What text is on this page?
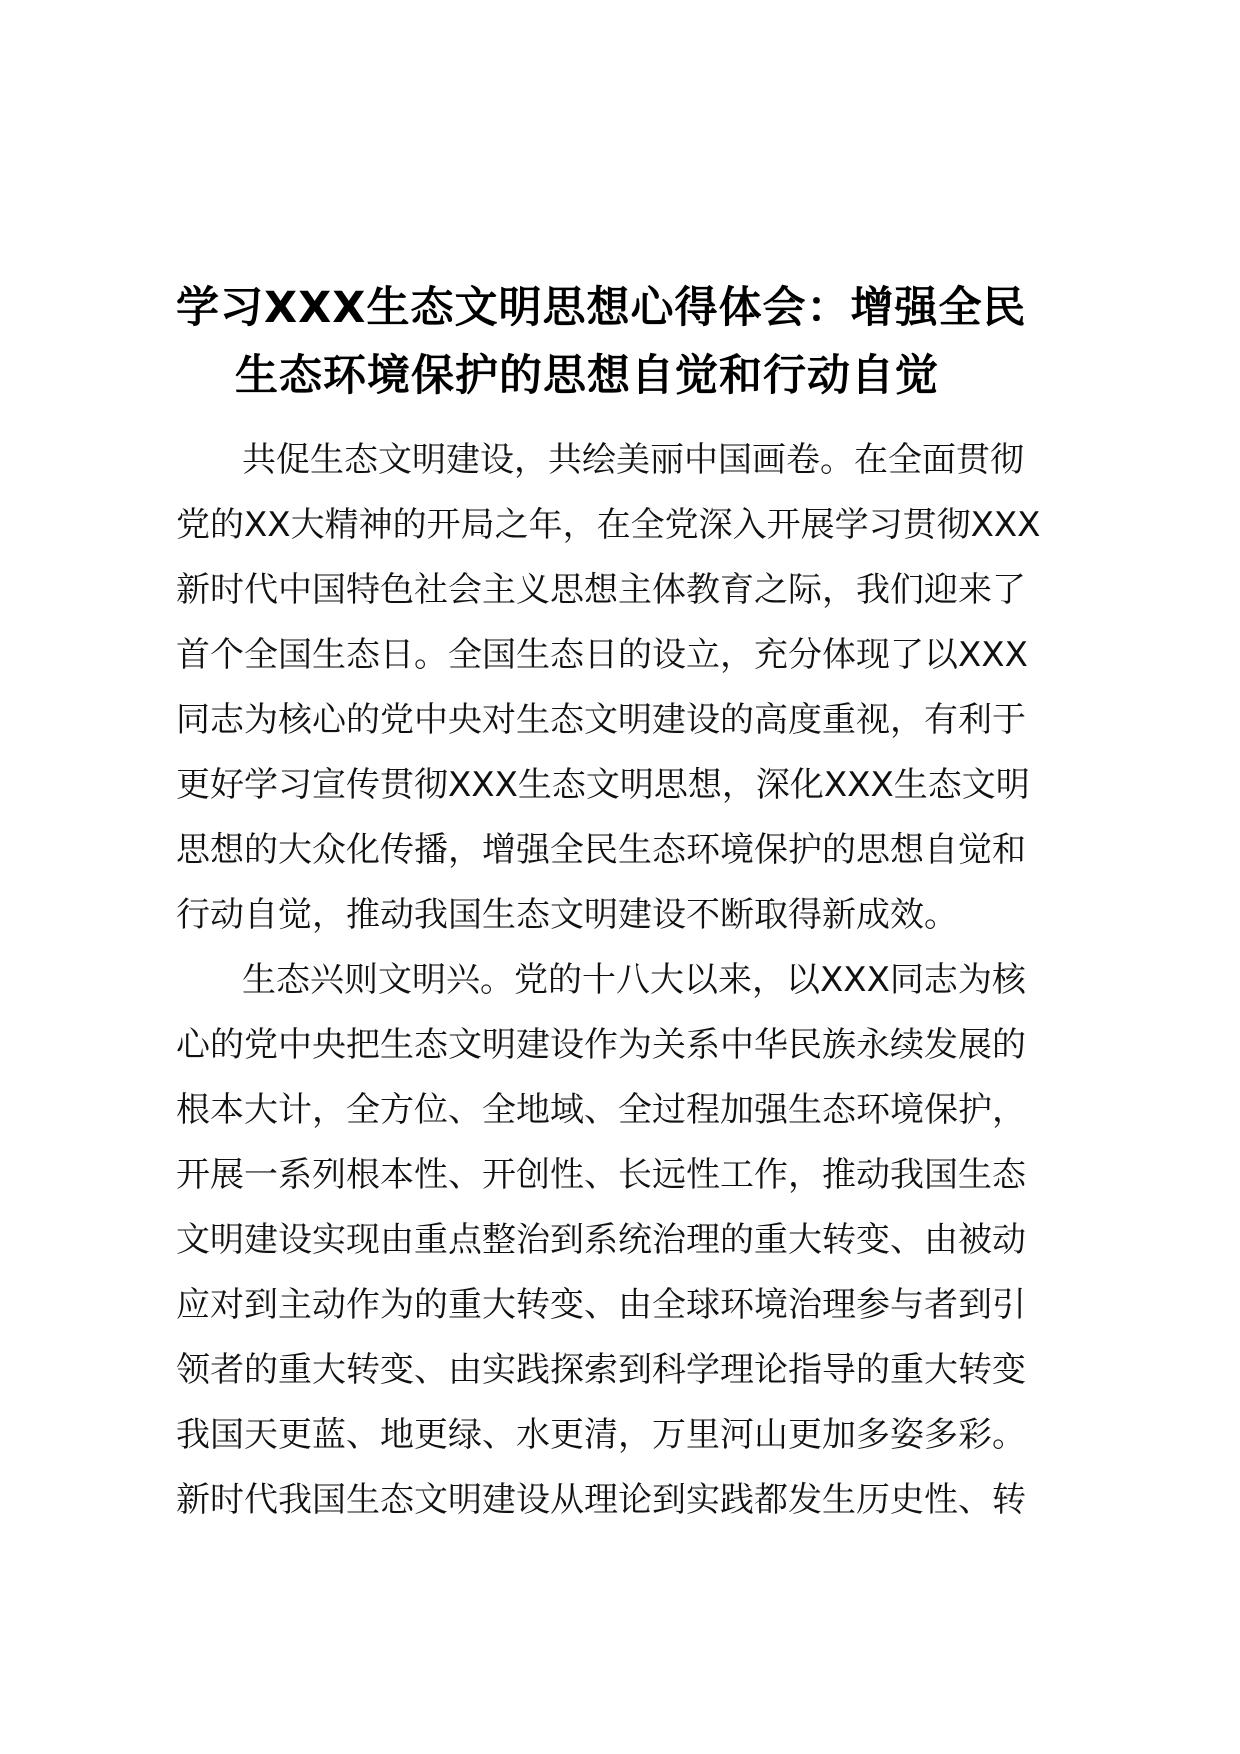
学习XXX生态文明思想心得体会：增强全民
生态环境保护的思想自觉和行动自觉
共促生态文明建设，共绘美丽中国画卷。在全面贯彻
党的XX大精神的开局之年，在全党深入开展学习贯彻XXX
新时代中国特色社会主义思想主体教育之际，我们迎来了
首个全国生态日。全国生态日的设立，充分体现了以XXX
同志为核心的党中央对生态文明建设的高度重视，有利于
更好学习宣传贯彻XXX生态文明思想，深化XXX生态文明
思想的大众化传播，增强全民生态环境保护的思想自觉和
行动自觉，推动我国生态文明建设不断取得新成效。
生态兴则文明兴。党的十八大以来，以XXX同志为核
心的党中央把生态文明建设作为关系中华民族永续发展的
根本大计，全方位、全地域、全过程加强生态环境保护，
开展一系列根本性、开创性、长远性工作，推动我国生态
文明建设实现由重点整治到系统治理的重大转变、由被动
应对到主动作为的重大转变、由全球环境治理参与者到引
领者的重大转变、由实践探索到科学理论指导的重大转变
我国天更蓝、地更绿、水更清，万里河山更加多姿多彩。
新时代我国生态文明建设从理论到实践都发生历史性、转
